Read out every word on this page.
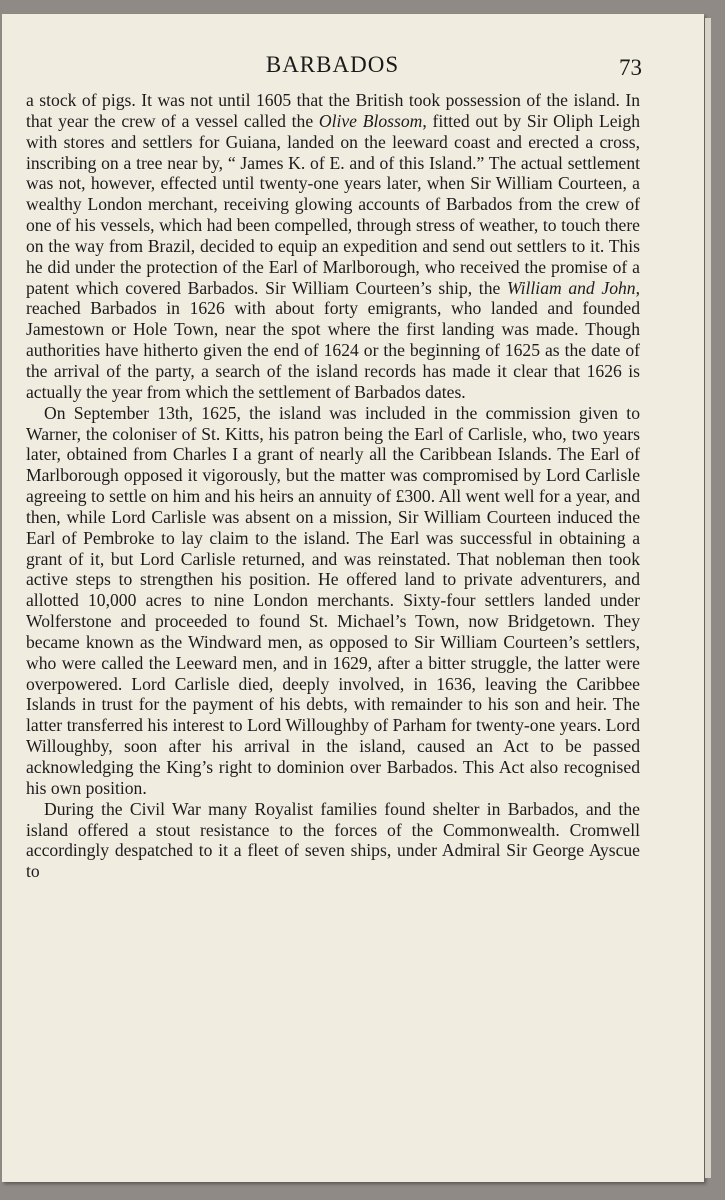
BARBADOS	73

a stock of pigs. It was not until 1605 that the British took possession of the island. In that year the crew of a vessel called the Olive Blossom, fitted out by Sir Oliph Leigh with stores and settlers for Guiana, landed on the leeward coast and erected a cross, inscribing on a tree near by, “ James K. of E. and of this Island.” The actual settlement was not, however, effected until twenty-one years later, when Sir William Courteen, a wealthy London merchant, receiving glowing accounts of Barbados from the crew of one of his vessels, which had been compelled, through stress of weather, to touch there on the way from Brazil, decided to equip an expedition and send out settlers to it. This he did under the protection of the Earl of Marlborough, who received the promise of a patent which covered Barbados. Sir William Courteen’s ship, the William and John, reached Barbados in 1626 with about forty emigrants, who landed and founded Jamestown or Hole Town, near the spot where the first landing was made. Though authorities have hitherto given the end of 1624 or the beginning of 1625 as the date of the arrival of the party, a search of the island records has made it clear that 1626 is actually the year from which the settlement of Barbados dates.

On September 13th, 1625, the island was included in the commission given to Warner, the coloniser of St. Kitts, his patron being the Earl of Carlisle, who, two years later, obtained from Charles I a grant of nearly all the Caribbean Islands. The Earl of Marlborough opposed it vigorously, but the matter was compromised by Lord Carlisle agreeing to settle on him and his heirs an annuity of £300. All went well for a year, and then, while Lord Carlisle was absent on a mission, Sir William Courteen induced the Earl of Pembroke to lay claim to the island. The Earl was successful in obtaining a grant of it, but Lord Carlisle returned, and was reinstated. That nobleman then took active steps to strengthen his position. He offered land to private adventurers, and allotted 10,000 acres to nine London merchants. Sixty-four settlers landed under Wolferstone and proceeded to found St. Michael’s Town, now Bridgetown. They became known as the Windward men, as opposed to Sir William Courteen’s settlers, who were called the Leeward men, and in 1629, after a bitter struggle, the latter were overpowered. Lord Carlisle died, deeply involved, in 1636, leaving the Caribbee Islands in trust for the payment of his debts, with remainder to his son and heir. The latter transferred his interest to Lord Willoughby of Parham for twenty-one years. Lord Willoughby, soon after his arrival in the island, caused an Act to be passed acknowledging the King’s right to dominion over Barbados. This Act also recognised his own position.

During the Civil War many Royalist families found shelter in Barbados, and the island offered a stout resistance to the forces of the Commonwealth. Cromwell accordingly despatched to it a fleet of seven ships, under Admiral Sir George Ayscue to
